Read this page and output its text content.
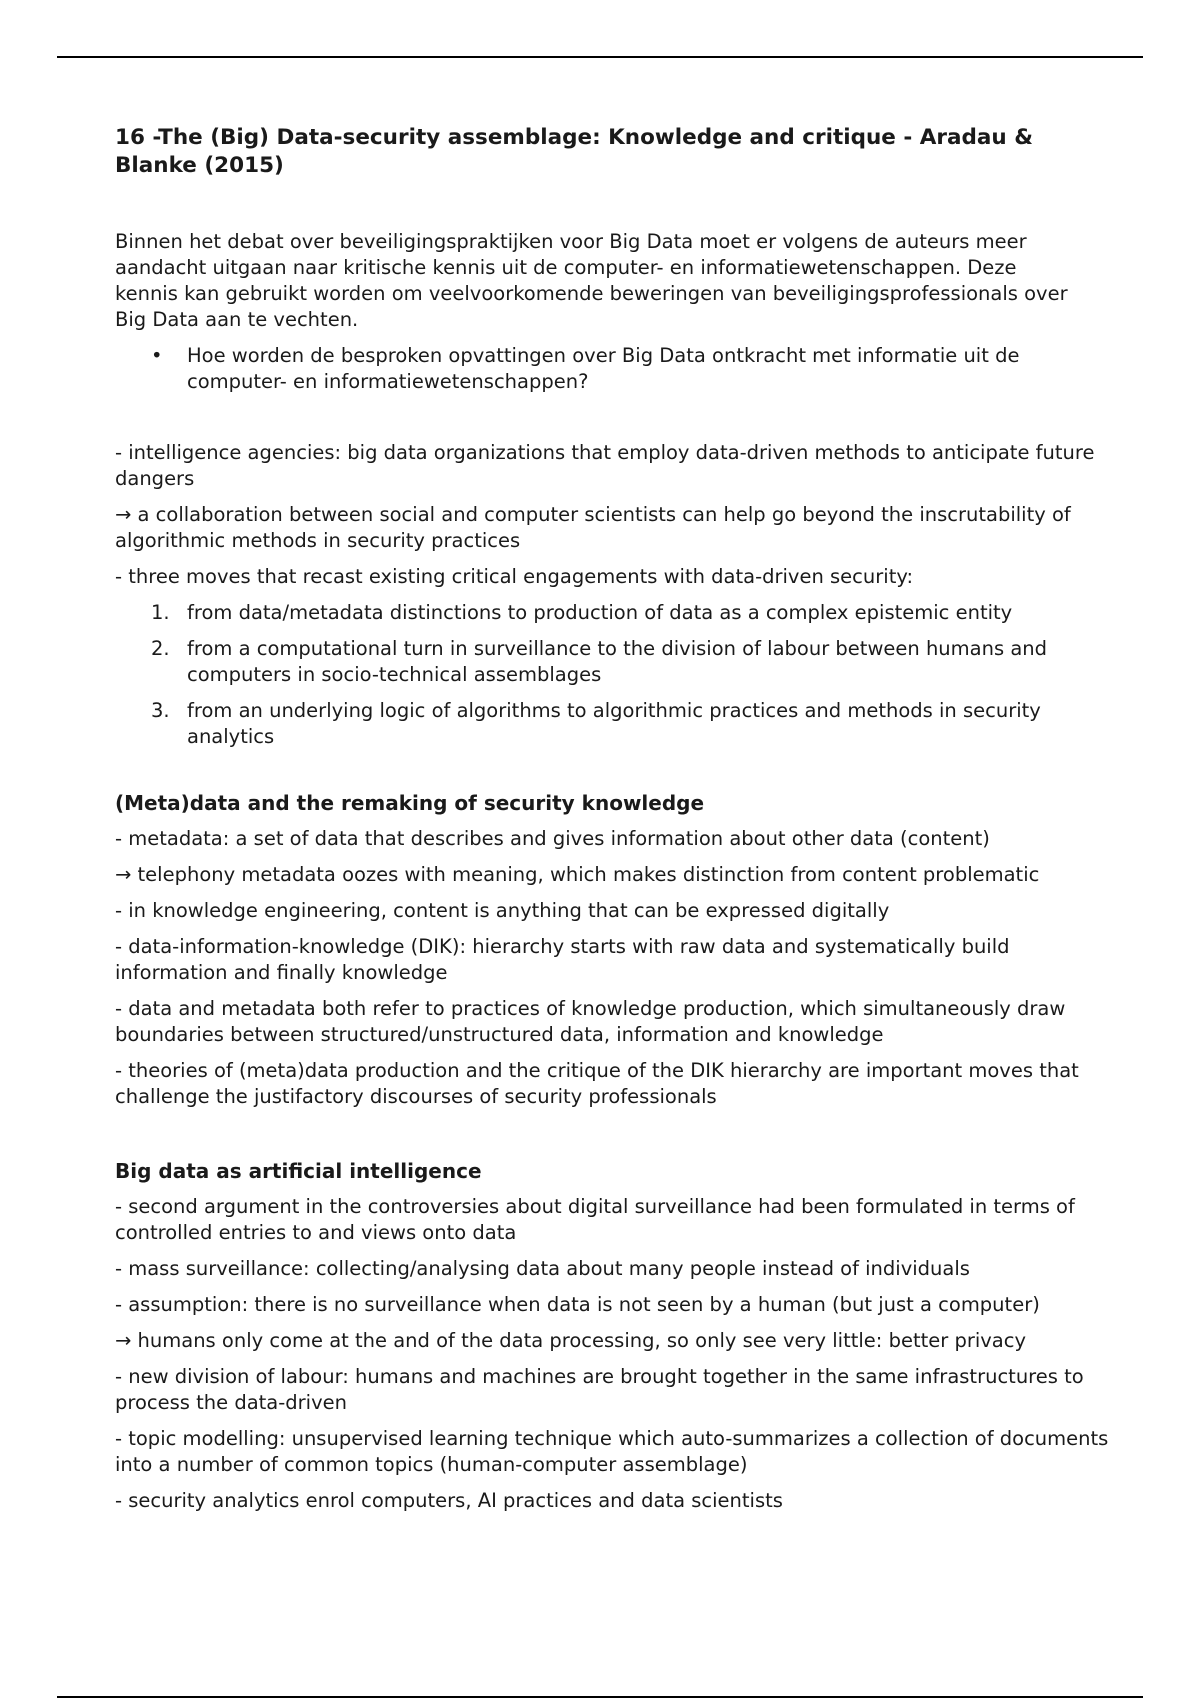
16 -The (Big) Data-security assemblage: Knowledge and critique - Aradau & Blanke (2015)

Binnen het debat over beveiligingspraktijken voor Big Data moet er volgens de auteurs meer aandacht uitgaan naar kritische kennis uit de computer- en informatiewetenschappen. Deze kennis kan gebruikt worden om veelvoorkomende beweringen van beveiligingsprofessionals over Big Data aan te vechten.

• Hoe worden de besproken opvattingen over Big Data ontkracht met informatie uit de computer- en informatiewetenschappen?

- intelligence agencies: big data organizations that employ data-driven methods to anticipate future dangers

→ a collaboration between social and computer scientists can help go beyond the inscrutability of algorithmic methods in security practices

- three moves that recast existing critical engagements with data-driven security:

1. from data/metadata distinctions to production of data as a complex epistemic entity
2. from a computational turn in surveillance to the division of labour between humans and computers in socio-technical assemblages
3. from an underlying logic of algorithms to algorithmic practices and methods in security analytics
(Meta)data and the remaking of security knowledge

- metadata: a set of data that describes and gives information about other data (content)

→ telephony metadata oozes with meaning, which makes distinction from content problematic

- in knowledge engineering, content is anything that can be expressed digitally

- data-information-knowledge (DIK): hierarchy starts with raw data and systematically build information and finally knowledge

- data and metadata both refer to practices of knowledge production, which simultaneously draw boundaries between structured/unstructured data, information and knowledge

- theories of (meta)data production and the critique of the DIK hierarchy are important moves that challenge the justifactory discourses of security professionals

Big data as artificial intelligence

- second argument in the controversies about digital surveillance had been formulated in terms of controlled entries to and views onto data

- mass surveillance: collecting/analysing data about many people instead of individuals

- assumption: there is no surveillance when data is not seen by a human (but just a computer)

→ humans only come at the and of the data processing, so only see very little: better privacy

- new division of labour: humans and machines are brought together in the same infrastructures to process the data-driven

- topic modelling: unsupervised learning technique which auto-summarizes a collection of documents into a number of common topics (human-computer assemblage)

- security analytics enrol computers, AI practices and data scientists
